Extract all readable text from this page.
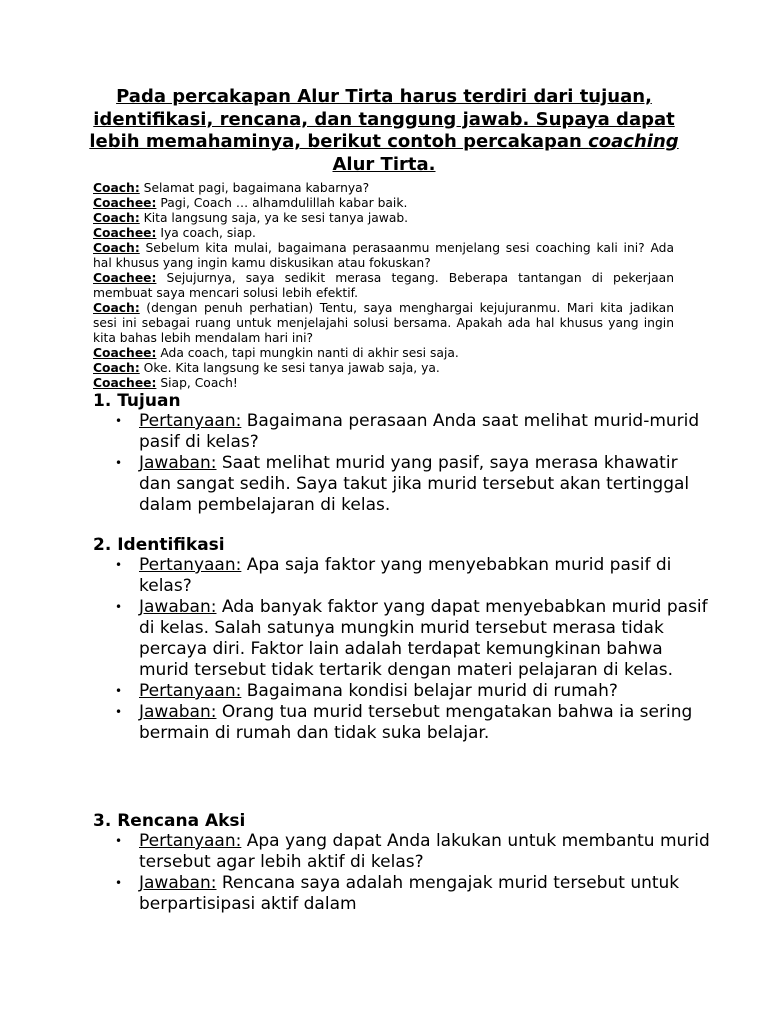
Pada percakapan Alur Tirta harus terdiri dari tujuan, identifikasi, rencana, dan tanggung jawab. Supaya dapat lebih memahaminya, berikut contoh percakapan coaching Alur Tirta.

Coach: Selamat pagi, bagaimana kabarnya?

Coachee: Pagi, Coach … alhamdulillah kabar baik.

Coach: Kita langsung saja, ya ke sesi tanya jawab.

Coachee: Iya coach, siap.

Coach: Sebelum kita mulai, bagaimana perasaanmu menjelang sesi coaching kali ini? Ada hal khusus yang ingin kamu diskusikan atau fokuskan?

Coachee: Sejujurnya, saya sedikit merasa tegang. Beberapa tantangan di pekerjaan membuat saya mencari solusi lebih efektif.

Coach: (dengan penuh perhatian) Tentu, saya menghargai kejujuranmu. Mari kita jadikan sesi ini sebagai ruang untuk menjelajahi solusi bersama. Apakah ada hal khusus yang ingin kita bahas lebih mendalam hari ini?

Coachee: Ada coach, tapi mungkin nanti di akhir sesi saja.

Coach: Oke. Kita langsung ke sesi tanya jawab saja, ya.

Coachee: Siap, Coach!

1. Tujuan
• Pertanyaan: Bagaimana perasaan Anda saat melihat murid-murid pasif di kelas?
• Jawaban: Saat melihat murid yang pasif, saya merasa khawatir dan sangat sedih. Saya takut jika murid tersebut akan tertinggal dalam pembelajaran di kelas.
2. Identifikasi
• Pertanyaan: Apa saja faktor yang menyebabkan murid pasif di kelas?
• Jawaban: Ada banyak faktor yang dapat menyebabkan murid pasif di kelas. Salah satunya mungkin murid tersebut merasa tidak percaya diri. Faktor lain adalah terdapat kemungkinan bahwa murid tersebut tidak tertarik dengan materi pelajaran di kelas.
• Pertanyaan: Bagaimana kondisi belajar murid di rumah?
• Jawaban: Orang tua murid tersebut mengatakan bahwa ia sering bermain di rumah dan tidak suka belajar.
3. Rencana Aksi
• Pertanyaan: Apa yang dapat Anda lakukan untuk membantu murid tersebut agar lebih aktif di kelas?
• Jawaban: Rencana saya adalah mengajak murid tersebut untuk berpartisipasi aktif dalam
